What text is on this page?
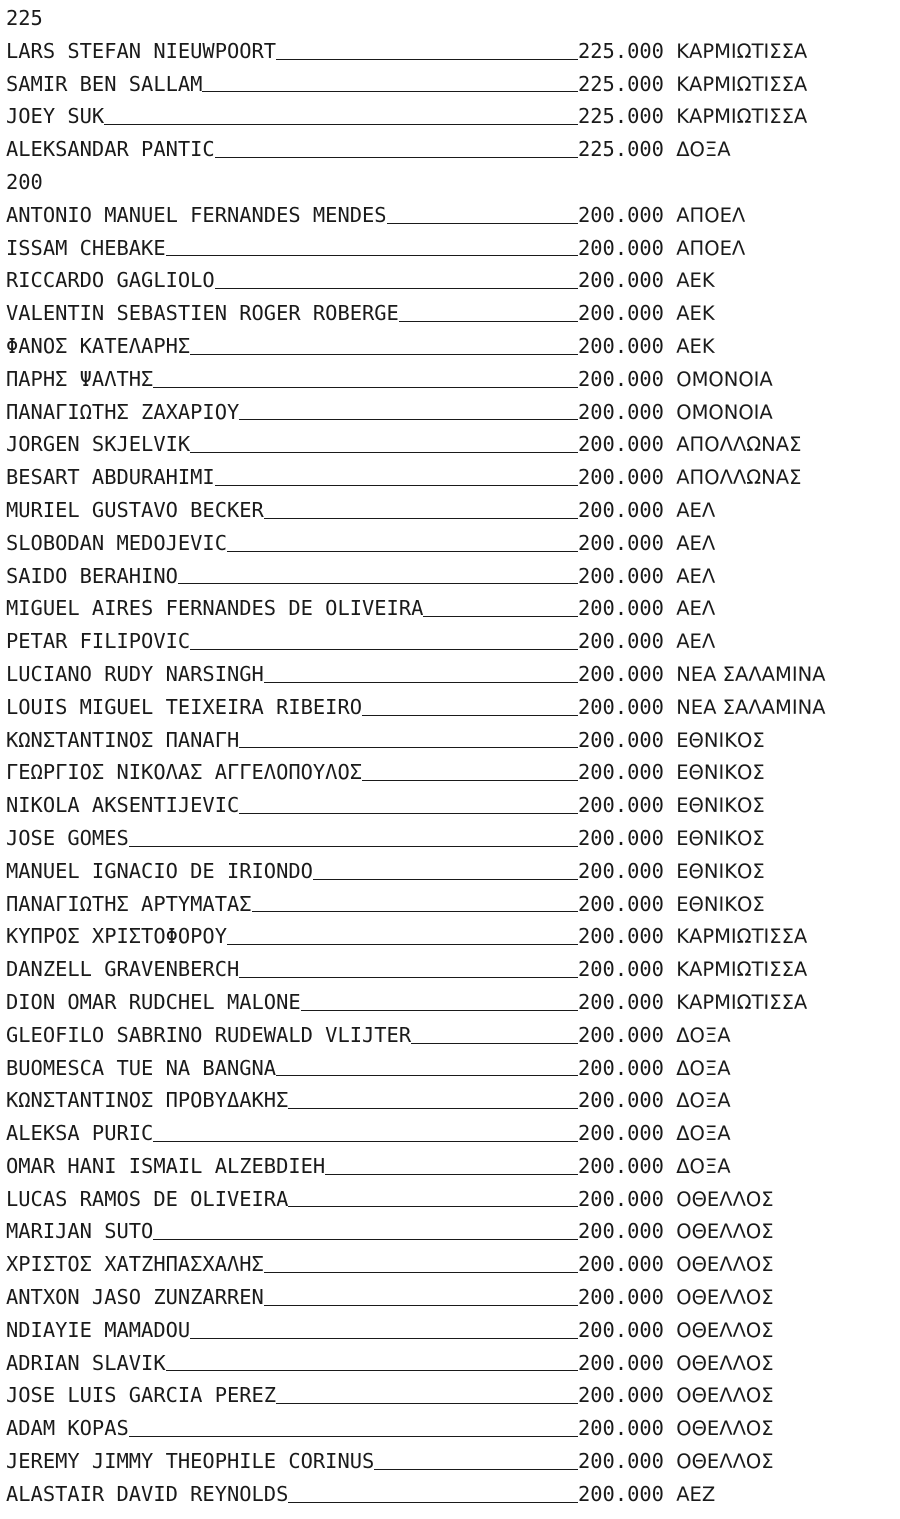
225
LARS STEFAN NIEUWPOORT	225.000 ΚΑΡΜΙΩΤΙΣΣΑ
SAMIR BEN SALLAM	225.000 ΚΑΡΜΙΩΤΙΣΣΑ
JOEY SUK	225.000 ΚΑΡΜΙΩΤΙΣΣΑ
ALEKSANDAR PANTIC	225.000 ΔΟΞΑ
200
ANTONIO MANUEL FERNANDES MENDES	200.000 ΑΠΟΕΛ
ISSAM CHEBAKE	200.000 ΑΠΟΕΛ
RICCARDO GAGLIOLO	200.000 ΑΕΚ
VALENTIN SEBASTIEN ROGER ROBERGE	200.000 ΑΕΚ
ΦΑΝΟΣ ΚΑΤΕΛΑΡΗΣ	200.000 ΑΕΚ
ΠΑΡΗΣ ΨΑΛΤΗΣ	200.000 ΟΜΟΝΟΙΑ
ΠΑΝΑΓΙΩΤΗΣ ΖΑΧΑΡΙΟΥ	200.000 ΟΜΟΝΟΙΑ
JORGEN SKJELVIK	200.000 ΑΠΟΛΛΩΝΑΣ
BESART ABDURAHIMI	200.000 ΑΠΟΛΛΩΝΑΣ
MURIEL GUSTAVO BECKER	200.000 ΑΕΛ
SLOBODAN MEDOJEVIC	200.000 ΑΕΛ
SAIDO BERAHINO	200.000 ΑΕΛ
MIGUEL AIRES FERNANDES DE OLIVEIRA	200.000 ΑΕΛ
PETAR FILIPOVIC	200.000 ΑΕΛ
LUCIANO RUDY NARSINGH	200.000 ΝΕΑ ΣΑΛΑΜΙΝΑ
LOUIS MIGUEL TEIXEIRA RIBEIRO	200.000 ΝΕΑ ΣΑΛΑΜΙΝΑ
ΚΩΝΣΤΑΝΤΙΝΟΣ ΠΑΝΑΓΗ	200.000 ΕΘΝΙΚΟΣ
ΓΕΩΡΓΙΟΣ ΝΙΚΟΛΑΣ ΑΓΓΕΛΟΠΟΥΛΟΣ	200.000 ΕΘΝΙΚΟΣ
NIKOLA AKSENTIJEVIC	200.000 ΕΘΝΙΚΟΣ
JOSE GOMES	200.000 ΕΘΝΙΚΟΣ
MANUEL IGNACIO DE IRIONDO	200.000 ΕΘΝΙΚΟΣ
ΠΑΝΑΓΙΩΤΗΣ ΑΡΤΥΜΑΤΑΣ	200.000 ΕΘΝΙΚΟΣ
ΚΥΠΡΟΣ ΧΡΙΣΤΟΦΟΡΟΥ	200.000 ΚΑΡΜΙΩΤΙΣΣΑ
DANZELL GRAVENBERCH	200.000 ΚΑΡΜΙΩΤΙΣΣΑ
DION OMAR RUDCHEL MALONE	200.000 ΚΑΡΜΙΩΤΙΣΣΑ
GLEOFILO SABRINO RUDEWALD VLIJTER	200.000 ΔΟΞΑ
BUOMESCA TUE NA BANGNA	200.000 ΔΟΞΑ
ΚΩΝΣΤΑΝΤΙΝΟΣ ΠΡΟΒΥΔΑΚΗΣ	200.000 ΔΟΞΑ
ALEKSA PURIC	200.000 ΔΟΞΑ
OMAR HANI ISMAIL ALZEBDIEH	200.000 ΔΟΞΑ
LUCAS RAMOS DE OLIVEIRA	200.000 ΟΘΕΛΛΟΣ
MARIJAN SUTO	200.000 ΟΘΕΛΛΟΣ
ΧΡΙΣΤΟΣ ΧΑΤΖΗΠΑΣΧΑΛΗΣ	200.000 ΟΘΕΛΛΟΣ
ANTXON JASO ZUNZARREN	200.000 ΟΘΕΛΛΟΣ
NDIAYIE MAMADOU	200.000 ΟΘΕΛΛΟΣ
ADRIAN SLAVIK	200.000 ΟΘΕΛΛΟΣ
JOSE LUIS GARCIA PEREZ	200.000 ΟΘΕΛΛΟΣ
ADAM KOPAS	200.000 ΟΘΕΛΛΟΣ
JEREMY JIMMY THEOPHILE CORINUS	200.000 ΟΘΕΛΛΟΣ
ALASTAIR DAVID REYNOLDS	200.000 ΑΕΖ
